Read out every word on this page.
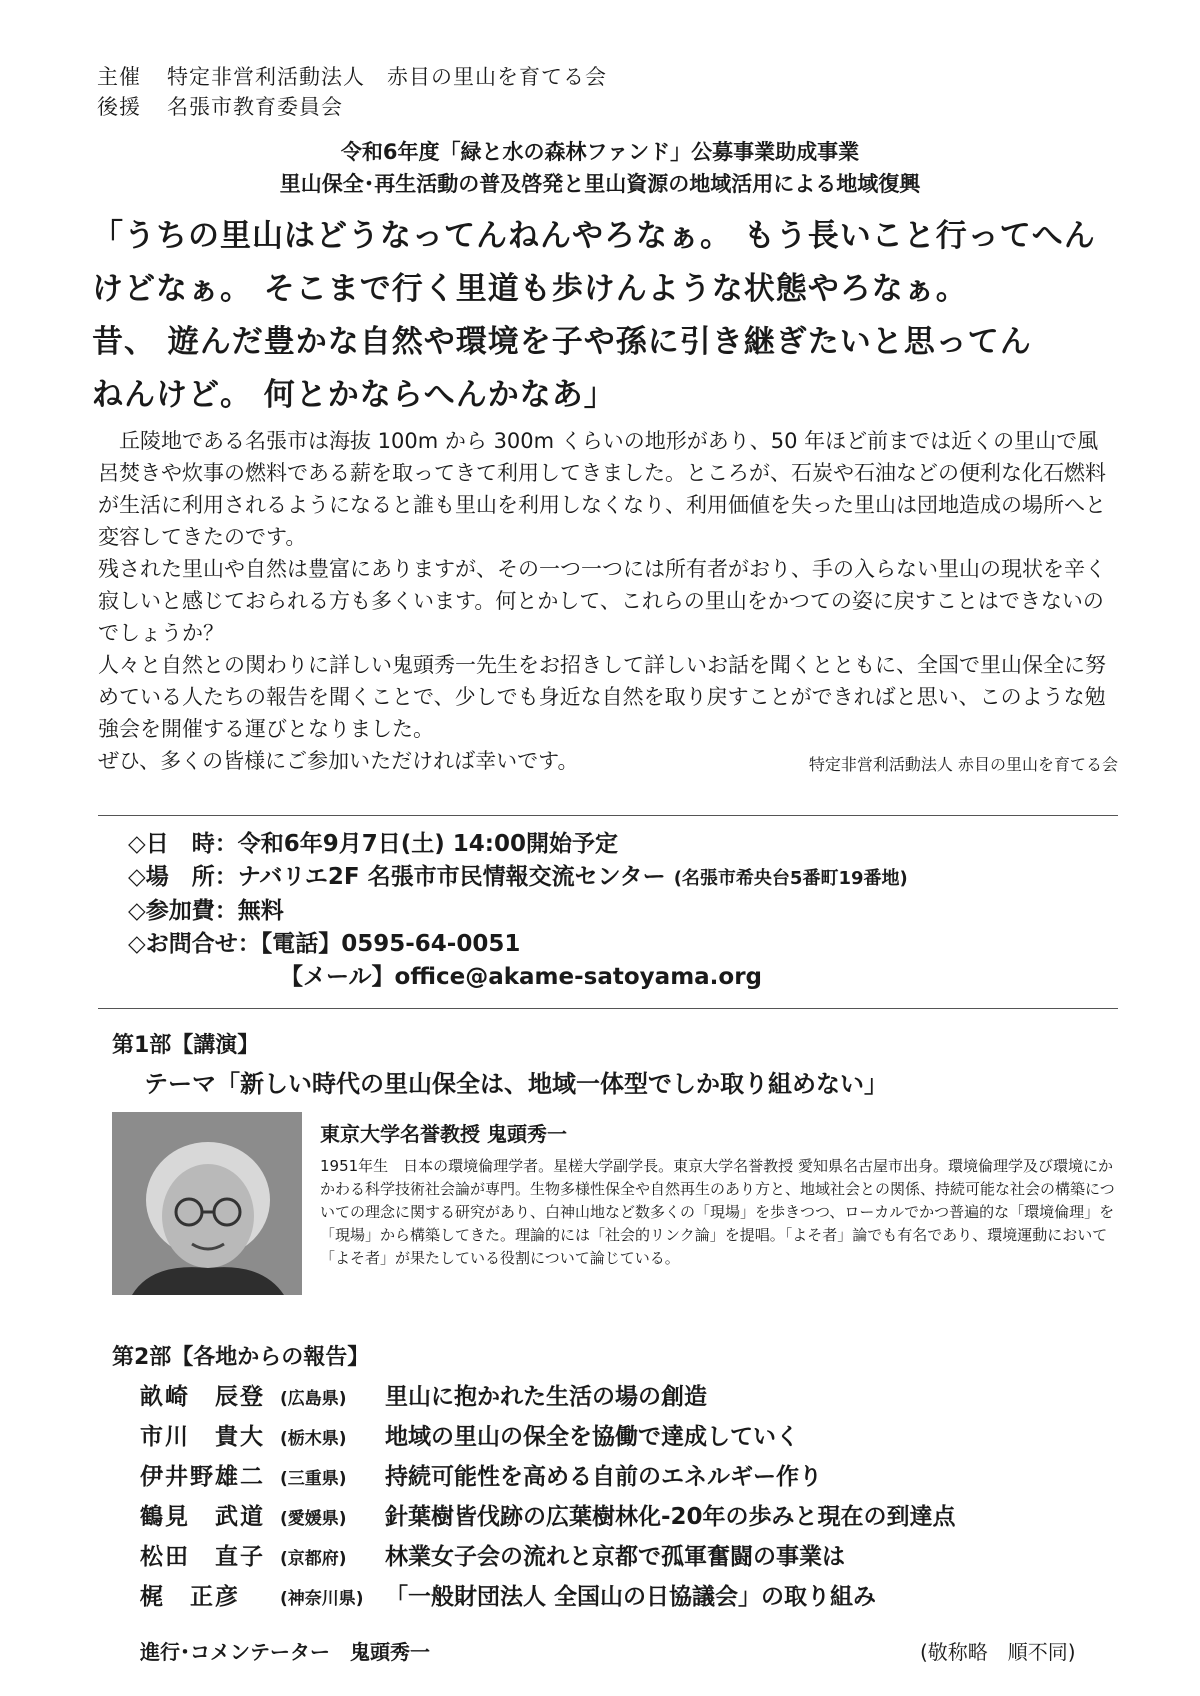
主催 特定非営利活動法人　赤目の里山を育てる会
後援 名張市教育委員会
令和6年度「緑と水の森林ファンド」公募事業助成事業
里山保全･再生活動の普及啓発と里山資源の地域活用による地域復興
「うちの里山はどうなってんねんやろなぁ。 もう長いこと行ってへん
けどなぁ。 そこまで行く里道も歩けんような状態やろなぁ。
昔、 遊んだ豊かな自然や環境を子や孫に引き継ぎたいと思ってん
ねんけど。 何とかならへんかなあ」

丘陵地である名張市は海抜 100m から 300m くらいの地形があり、50 年ほど前までは近くの里山で風呂焚きや炊事の燃料である薪を取ってきて利用してきました。ところが、石炭や石油などの便利な化石燃料が生活に利用されるようになると誰も里山を利用しなくなり、利用価値を失った里山は団地造成の場所へと変容してきたのです。

残された里山や自然は豊富にありますが、その一つ一つには所有者がおり、手の入らない里山の現状を辛く寂しいと感じておられる方も多くいます。何とかして、これらの里山をかつての姿に戻すことはできないのでしょうか？

人々と自然との関わりに詳しい鬼頭秀一先生をお招きして詳しいお話を聞くとともに、全国で里山保全に努めている人たちの報告を聞くことで、少しでも身近な自然を取り戻すことができればと思い、このような勉強会を開催する運びとなりました。

ぜひ、多くの皆様にご参加いただければ幸いです。	特定非営利活動法人 赤目の里山を育てる会

◇日　時：令和6年9月7日(土) 14:00開始予定
◇場　所：ナバリエ2F 名張市市民情報交流センター (名張市希央台5番町19番地)
◇参加費：無料
◇お問合せ：【電話】0595-64-0051
【メール】office@akame-satoyama.org
第1部【講演】
テーマ「新しい時代の里山保全は、地域一体型でしか取り組めない」
東京大学名誉教授 鬼頭秀一
1951年生　日本の環境倫理学者。星槎大学副学長。東京大学名誉教授 愛知県名古屋市出身。環境倫理学及び環境にかかわる科学技術社会論が専門。生物多様性保全や自然再生のあり方と、地域社会との関係、持続可能な社会の構築についての理念に関する研究があり、白神山地など数多くの「現場」を歩きつつ、ローカルでかつ普遍的な「環境倫理」を「現場」から構築してきた。理論的には「社会的リンク論」を提唱。「よそ者」論でも有名であり、環境運動において「よそ者」が果たしている役割について論じている。
第2部【各地からの報告】
畝崎　辰登 (広島県) 里山に抱かれた生活の場の創造
市川　貴大 (栃木県) 地域の里山の保全を協働で達成していく
伊井野雄二 (三重県) 持続可能性を高める自前のエネルギー作り
鶴見　武道 (愛媛県) 針葉樹皆伐跡の広葉樹林化-20年の歩みと現在の到達点
松田　直子 (京都府) 林業女子会の流れと京都で孤軍奮闘の事業は
梶　正彦 (神奈川県) 「一般財団法人 全国山の日協議会」の取り組み
進行･コメンテーター　鬼頭秀一	(敬称略　順不同)
